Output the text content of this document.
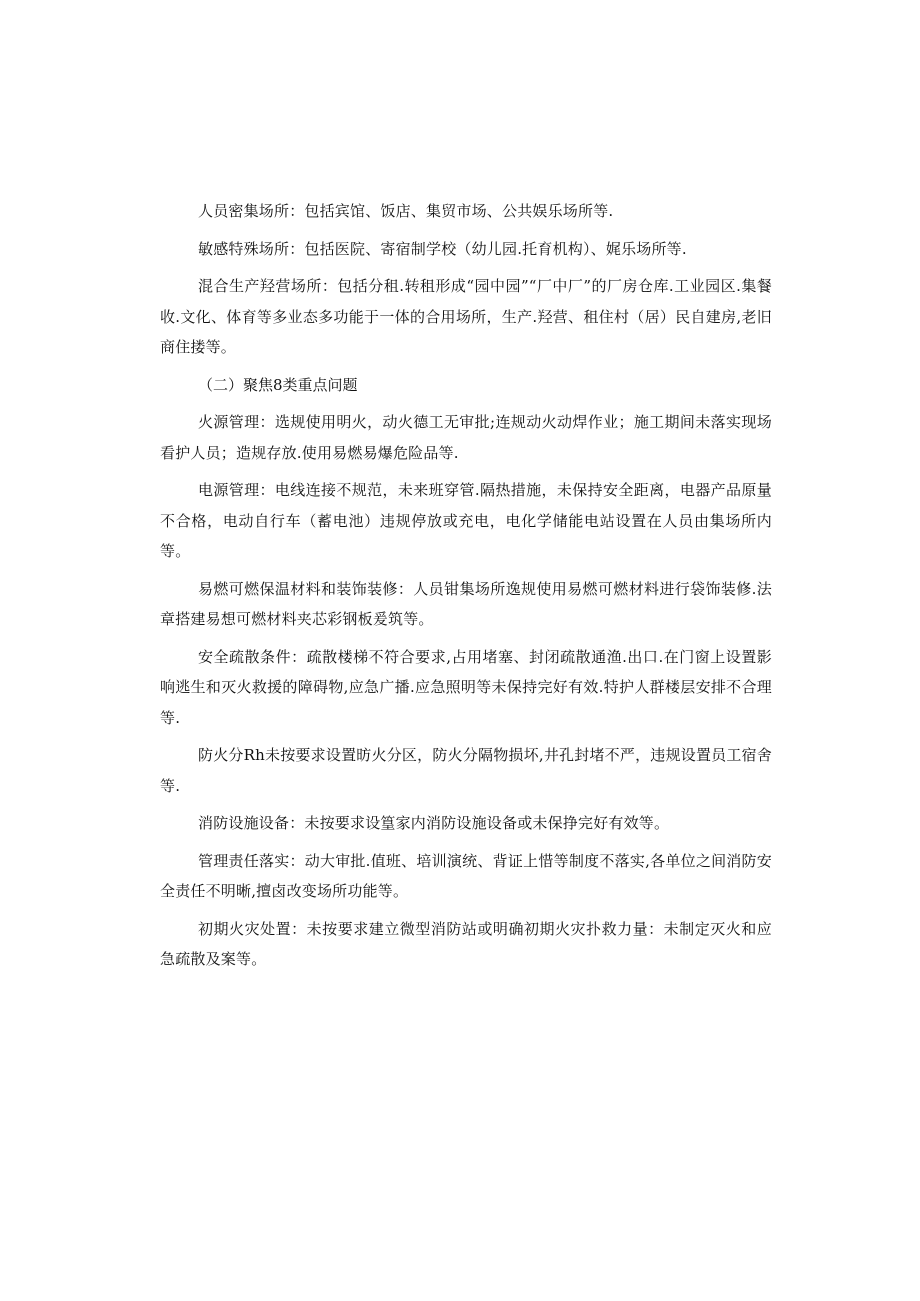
人员密集场所：包括宾馆、饭店、集贸市场、公共娱乐场所等.

敏感特殊场所：包括医院、寄宿制学校（幼儿园.托育机构）、娓乐场所等.

混合生产羟营场所：包括分租.转租形成“园中园”“厂中厂”的厂房仓库.工业园区.集餐收.文化、体育等多业态多功能于一体的合用场所，生产.羟营、租住村（居）民自建房,老旧商住搂等。

（二）聚焦8类重点问题

火源管理：选规使用明火，动火德工无审批;连规动火动焊作业；施工期间未落实现场看护人员；造规存放.使用易燃易爆危险品等.

电源管理：电线连接不规范，未来班穿管.隔热措施，未保持安全距离，电器产品原量不合格，电动自行车（蓄电池）违规停放或充电，电化学储能电站设置在人员由集场所内等。

易燃可燃保温材料和装饰装修：人员钳集场所逸规使用易燃可燃材料进行袋饰装修.法章搭建易想可燃材料夹芯彩钢板爰筑等。

安全疏散条件：疏散楼梯不符合要求,占用堵塞、封闭疏散通渔.出口.在门窗上设置影响逃生和灭火救援的障碍物,应急广播.应急照明等未保持完好有效.特护人群楼层安排不合理等.

防火分Rh未按要求设置昉火分区，防火分隔物损坏,井孔封堵不严，违规设置员工宿舍等.

消防设施设备：未按要求设篁家内消防设施设备或未保挣完好有效等。

管理责任落实：动大审批.值班、培训演统、背证上惜等制度不落实,各单位之间消防安全责任不明晰,擅卤改变场所功能等。

初期火灾处置：未按要求建立微型消防站或明确初期火灾扑救力量：未制定灭火和应急疏散及案等。
